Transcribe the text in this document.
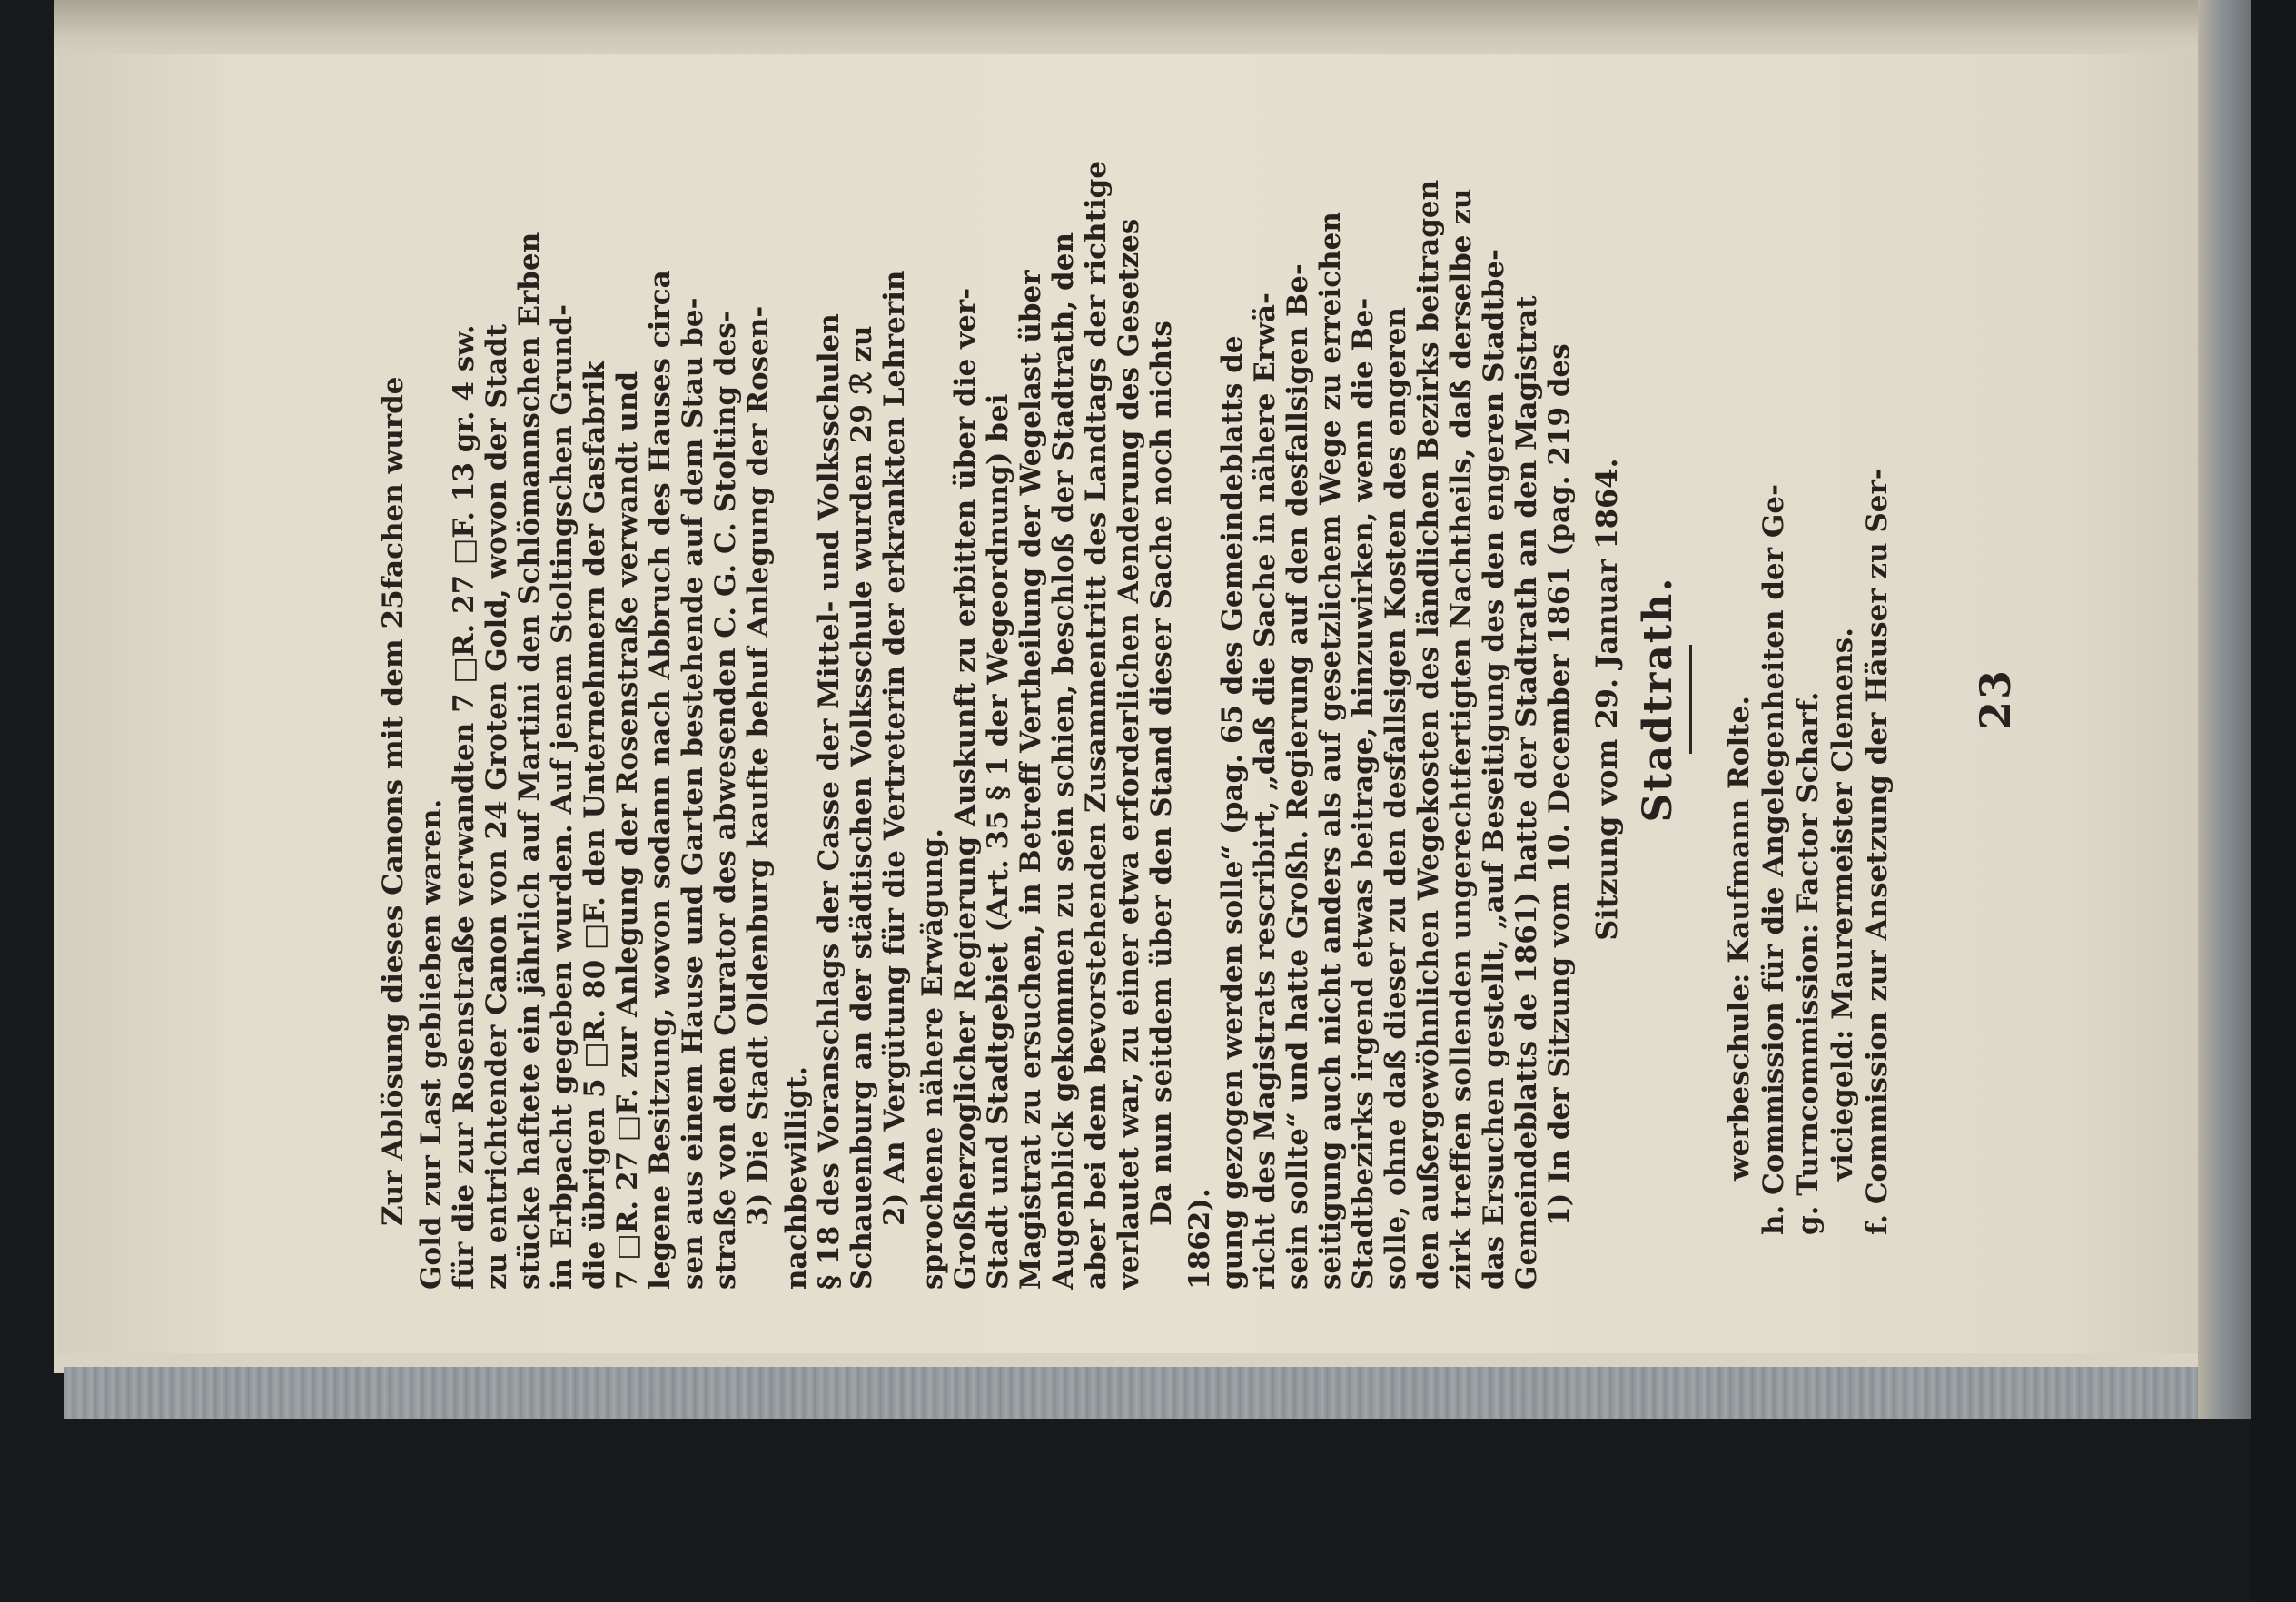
23
f. Commission zur Ansetzung der Häuser zu Ser-
viciegeld: Maurermeister Clemens.
g. Turncommission: Factor Scharf.
h. Commission für die Angelegenheiten der Ge-
werbeschule: Kaufmann Rolte.
Stadtrath.
Sitzung vom 29. Januar 1864.
1) In der Sitzung vom 10. December 1861 (pag. 219 des
Gemeindeblatts de 1861) hatte der Stadtrath an den Magistrat
das Ersuchen gestellt, „auf Beseitigung des den engeren Stadtbe-
zirk treffen sollenden ungerechtfertigten Nachtheils, daß derselbe zu
den außergewöhnlichen Wegekosten des ländlichen Bezirks beitragen
solle, ohne daß dieser zu den desfallsigen Kosten des engeren
Stadtbezirks irgend etwas beitrage, hinzuwirken, wenn die Be-
seitigung auch nicht anders als auf gesetzlichem Wege zu erreichen
sein sollte“ und hatte Großh. Regierung auf den desfallsigen Be-
richt des Magistrats rescribirt, „daß die Sache in nähere Erwä-
gung gezogen werden solle“ (pag. 65 des Gemeindeblatts de
1862).
Da nun seitdem über den Stand dieser Sache noch nichts
verlautet war, zu einer etwa erforderlichen Aenderung des Gesetzes
aber bei dem bevorstehenden Zusammentritt des Landtags der richtige
Augenblick gekommen zu sein schien, beschloß der Stadtrath, den
Magistrat zu ersuchen, in Betreff Vertheilung der Wegelast über
Stadt und Stadtgebiet (Art. 35 § 1 der Wegeordnung) bei
Großherzoglicher Regierung Auskunft zu erbitten über die ver-
sprochene nähere Erwägung.
2) An Vergütung für die Vertreterin der erkrankten Lehrerin
Schauenburg an der städtischen Volksschule wurden 29 ℛ zu
§ 18 des Voranschlags der Casse der Mittel- und Volksschulen
nachbewilligt.
3) Die Stadt Oldenburg kaufte behuf Anlegung der Rosen-
straße von dem Curator des abwesenden C. G. C. Stolting des-
sen aus einem Hause und Garten bestehende auf dem Stau be-
legene Besitzung, wovon sodann nach Abbruch des Hauses circa
7 □R. 27 □F. zur Anlegung der Rosenstraße verwandt und
die übrigen 5 □R. 80 □F. den Unternehmern der Gasfabrik
in Erbpacht gegeben wurden. Auf jenem Stoltingschen Grund-
stücke haftete ein jährlich auf Martini den Schlömannschen Erben
zu entrichtender Canon von 24 Groten Gold, wovon der Stadt
für die zur Rosenstraße verwandten 7 □R. 27 □F. 13 gr. 4 sw.
Gold zur Last geblieben waren.
Zur Ablösung dieses Canons mit dem 25fachen wurde
